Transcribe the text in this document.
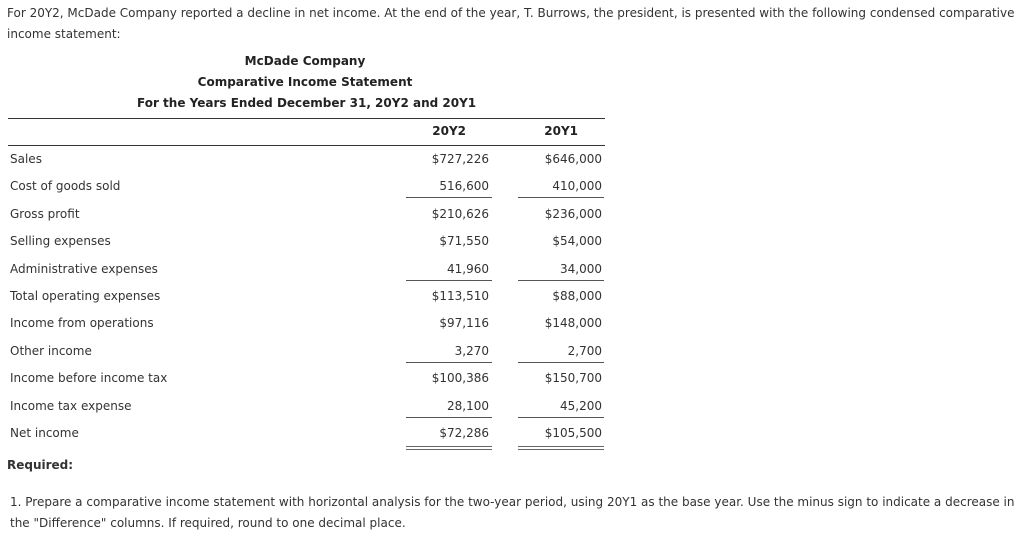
For 20Y2, McDade Company reported a decline in net income. At the end of the year, T. Burrows, the president, is presented with the following condensed comparative income statement:

McDade Company
Comparative Income Statement
For the Years Ended December 31, 20Y2 and 20Y1
20Y2	20Y1
Sales	$727,226	$646,000
Cost of goods sold	516,600	410,000
Gross profit	$210,626	$236,000
Selling expenses	$71,550	$54,000
Administrative expenses	41,960	34,000
Total operating expenses	$113,510	$88,000
Income from operations	$97,116	$148,000
Other income	3,270	2,700
Income before income tax	$100,386	$150,700
Income tax expense	28,100	45,200
Net income	$72,286	$105,500
Required:
1. Prepare a comparative income statement with horizontal analysis for the two-year period, using 20Y1 as the base year. Use the minus sign to indicate a decrease in the "Difference" columns. If required, round to one decimal place.
